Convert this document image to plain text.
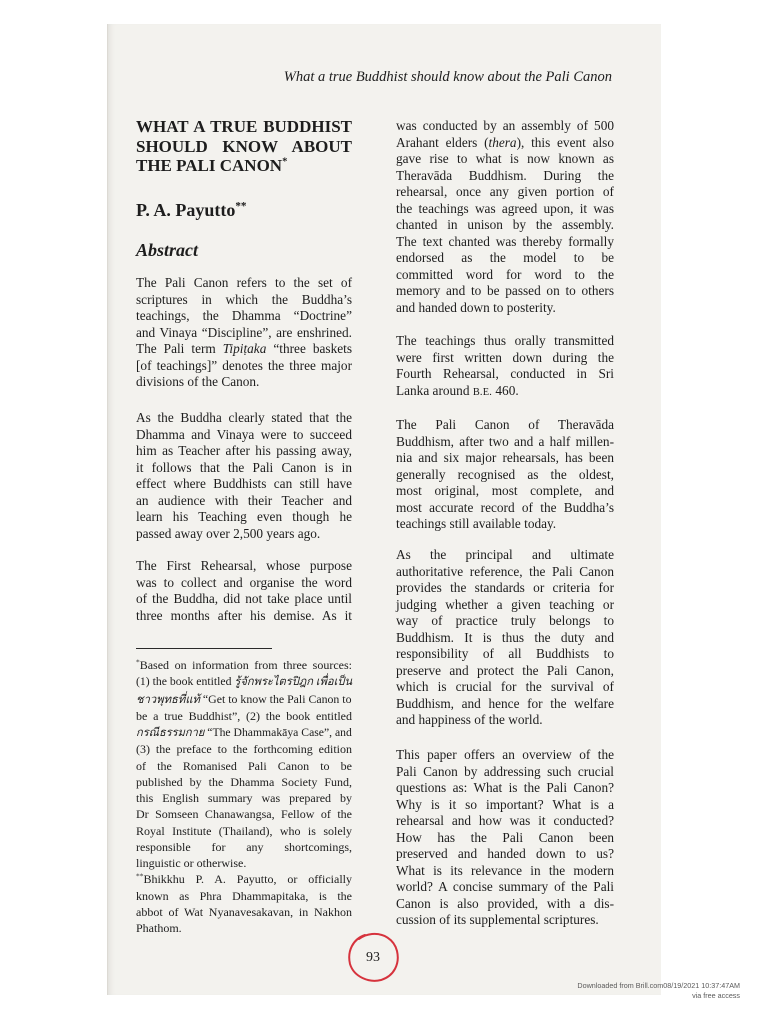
What a true Buddhist should know about the Pali Canon
WHAT A TRUE BUDDHIST
SHOULD KNOW ABOUT
THE PALI CANON*
P. A. Payutto**
Abstract
The Pali Canon refers to the set of
scriptures in which the Buddha’s
teachings, the Dhamma “Doctrine”
and Vinaya “Discipline”, are enshrined.
The Pali term Tipiṭaka “three baskets
[of teachings]” denotes the three major
divisions of the Canon.
As the Buddha clearly stated that the
Dhamma and Vinaya were to succeed
him as Teacher after his passing away,
it follows that the Pali Canon is in
effect where Buddhists can still have
an audience with their Teacher and
learn his Teaching even though he
passed away over 2,500 years ago.
The First Rehearsal, whose purpose
was to collect and organise the word
of the Buddha, did not take place until
three months after his demise. As it
*Based on information from three sources:
(1) the book entitled รู้จักพระไตรปิฎก เพื่อเป็น
ชาวพุทธที่แท้ “Get to know the Pali Canon to
be a true Buddhist”, (2) the book entitled
กรณีธรรมกาย “The Dhammakāya Case”, and
(3) the preface to the forthcoming edition
of the Romanised Pali Canon to be
published by the Dhamma Society Fund,
this English summary was prepared by
Dr Somseen Chanawangsa, Fellow of the
Royal Institute (Thailand), who is solely
responsible for any shortcomings,
linguistic or otherwise.
**Bhikkhu P. A. Payutto, or officially
known as Phra Dhammapitaka, is the
abbot of Wat Nyanavesakavan, in Nakhon
Phathom.
was conducted by an assembly of 500
Arahant elders (thera), this event also
gave rise to what is now known as
Theravāda Buddhism. During the
rehearsal, once any given portion of
the teachings was agreed upon, it was
chanted in unison by the assembly.
The text chanted was thereby formally
endorsed as the model to be
committed word for word to the
memory and to be passed on to others
and handed down to posterity.
The teachings thus orally transmitted
were first written down during the
Fourth Rehearsal, conducted in Sri
Lanka around B.E. 460.
The Pali Canon of Theravāda
Buddhism, after two and a half millen-
nia and six major rehearsals, has been
generally recognised as the oldest,
most original, most complete, and
most accurate record of the Buddha’s
teachings still available today.
As the principal and ultimate
authoritative reference, the Pali Canon
provides the standards or criteria for
judging whether a given teaching or
way of practice truly belongs to
Buddhism. It is thus the duty and
responsibility of all Buddhists to
preserve and protect the Pali Canon,
which is crucial for the survival of
Buddhism, and hence for the welfare
and happiness of the world.
This paper offers an overview of the
Pali Canon by addressing such crucial
questions as: What is the Pali Canon?
Why is it so important? What is a
rehearsal and how was it conducted?
How has the Pali Canon been
preserved and handed down to us?
What is its relevance in the modern
world? A concise summary of the Pali
Canon is also provided, with a dis-
cussion of its supplemental scriptures.
93
Downloaded from Brill.com08/19/2021 10:37:47AM
via free access
